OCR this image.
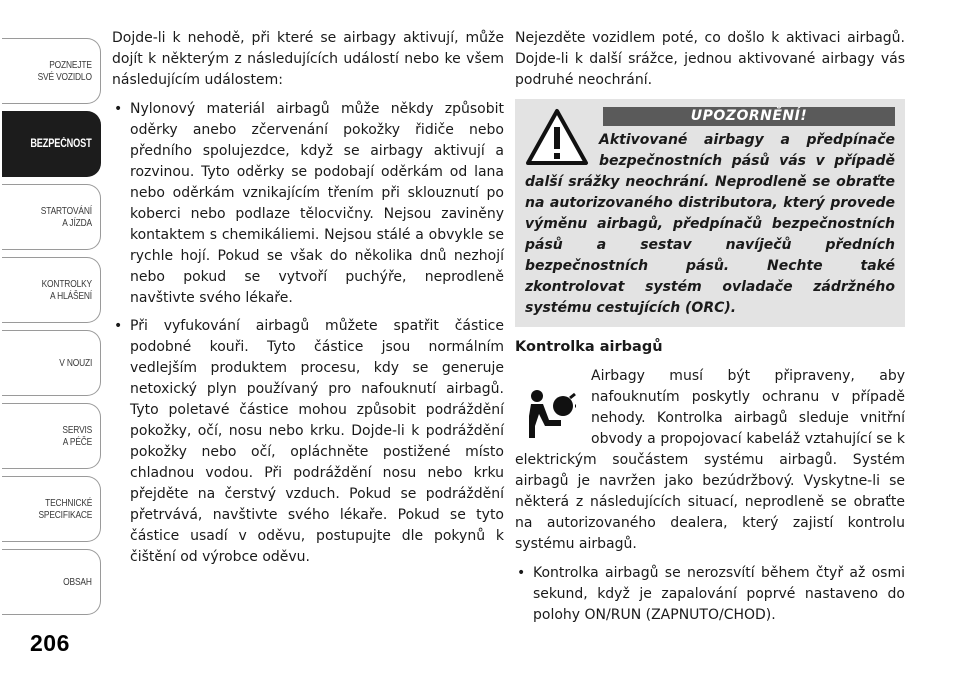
POZNEJTE
SVÉ VOZIDLO
BEZPEČNOST
STARTOVÁNÍ
A JÍZDA
KONTROLKY
A HLÁŠENÍ
V NOUZI
SERVIS
A PÉČE
TECHNICKÉ
SPECIFIKACE
OBSAH
206

Dojde-li k nehodě, při které se airbagy aktivují, může dojít k některým z následujících událostí nebo ke všem následujícím událostem:

• Nylonový materiál airbagů může někdy způsobit oděrky anebo zčervenání pokožky řidiče nebo předního spolujezdce, když se airbagy aktivují a rozvinou. Tyto oděrky se podobají oděrkám od lana nebo oděrkám vznikajícím třením při sklouznutí po koberci nebo podlaze tělocvičny. Nejsou zaviněny kontaktem s chemikáliemi. Nejsou stálé a obvykle se rychle hojí. Pokud se však do několika dnů nezhojí nebo pokud se vytvoří puchýře, neprodleně navštivte svého lékaře.
• Při vyfukování airbagů můžete spatřit částice podobné kouři. Tyto částice jsou normálním vedlejším produktem procesu, kdy se generuje netoxický plyn používaný pro nafouknutí airbagů. Tyto poletavé částice mohou způsobit podráždění pokožky, očí, nosu nebo krku. Dojde-li k podráždění pokožky nebo očí, opláchněte postižené místo chladnou vodou. Při podráždění nosu nebo krku přejděte na čerstvý vzduch. Pokud se podráždění přetrvává, navštivte svého lékaře. Pokud se tyto částice usadí v oděvu, postupujte dle pokynů k čištění od výrobce oděvu.

Nejezděte vozidlem poté, co došlo k aktivaci airbagů. Dojde-li k další srážce, jednou aktivované airbagy vás podruhé neochrání.

UPOZORNĚNÍ!
Aktivované airbagy a předpínače bezpečnostních pásů vás v případě další srážky neochrání. Neprodleně se obraťte na autorizovaného distributora, který provede výměnu airbagů, předpínačů bezpečnostních pásů a sestav navíječů předních bezpečnostních pásů. Nechte také zkontrolovat systém ovladače zádržného systému cestujících (ORC).
Kontrolka airbagů

Airbagy musí být připraveny, aby nafouknutím poskytly ochranu v případě nehody. Kontrolka airbagů sleduje vnitřní obvody a propojovací kabeláž vztahující se k elektrickým součástem systému airbagů. Systém airbagů je navržen jako bezúdržbový. Vyskytne-li se některá z následujících situací, neprodleně se obraťte na autorizovaného dealera, který zajistí kontrolu systému airbagů.

• Kontrolka airbagů se nerozsvítí během čtyř až osmi sekund, když je zapalování poprvé nastaveno do polohy ON/RUN (ZAPNUTO/CHOD).
